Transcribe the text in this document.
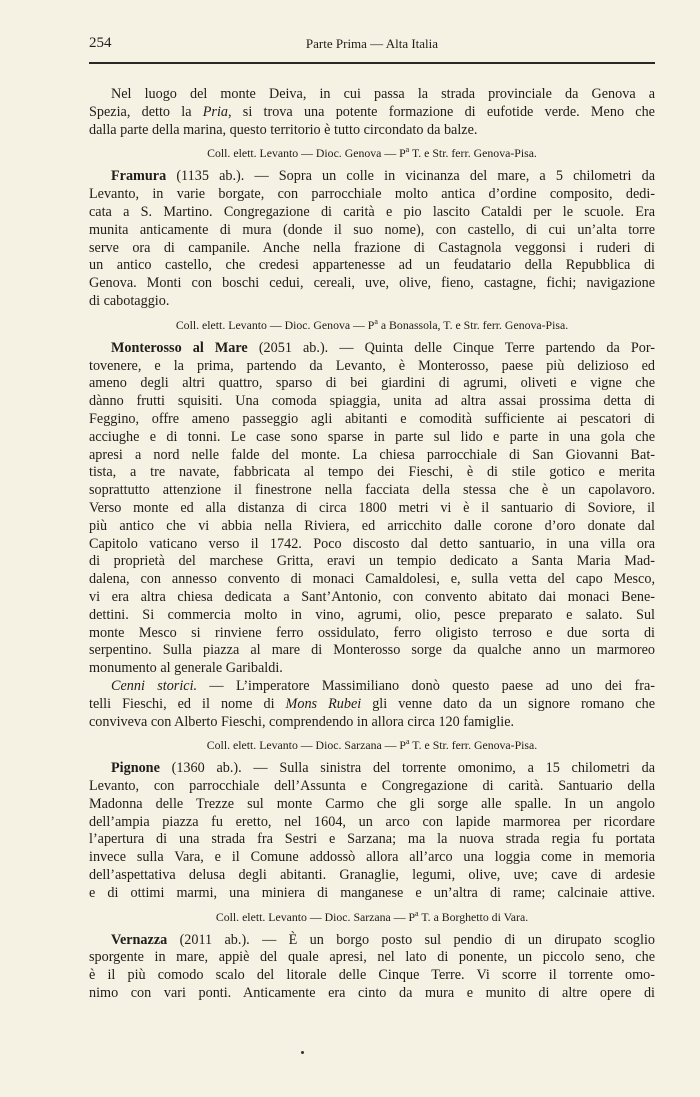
254	Parte Prima — Alta Italia
Nel luogo del monte Deiva, in cui passa la strada provinciale da Genova a
Spezia, detto la Pria, si trova una potente formazione di eufotide verde. Meno che
dalla parte della marina, questo territorio è tutto circondato da balze.
Coll. elett. Levanto — Dioc. Genova — $P^a$ T. e Str. ferr. Genova-Pisa.
Framura (1135 ab.). — Sopra un colle in vicinanza del mare, a 5 chilometri da
Levanto, in varie borgate, con parrocchiale molto antica d’ordine composito, dedi-
cata a S. Martino. Congregazione di carità e pio lascito Cataldi per le scuole. Era
munita anticamente di mura (donde il suo nome), con castello, di cui un’alta torre
serve ora di campanile. Anche nella frazione di Castagnola veggonsi i ruderi di
un antico castello, che credesi appartenesse ad un feudatario della Repubblica di
Genova. Monti con boschi cedui, cereali, uve, olive, fieno, castagne, fichi; navigazione
di cabotaggio.
Coll. elett. Levanto — Dioc. Genova — $P^a$ a Bonassola, T. e Str. ferr. Genova-Pisa.
Monterosso al Mare (2051 ab.). — Quinta delle Cinque Terre partendo da Por-
tovenere, e la prima, partendo da Levanto, è Monterosso, paese più delizioso ed
ameno degli altri quattro, sparso di bei giardini di agrumi, oliveti e vigne che
dànno frutti squisiti. Una comoda spiaggia, unita ad altra assai prossima detta di
Feggino, offre ameno passeggio agli abitanti e comodità sufficiente ai pescatori di
acciughe e di tonni. Le case sono sparse in parte sul lido e parte in una gola che
apresi a nord nelle falde del monte. La chiesa parrocchiale di San Giovanni Bat-
tista, a tre navate, fabbricata al tempo dei Fieschi, è di stile gotico e merita
soprattutto attenzione il finestrone nella facciata della stessa che è un capolavoro.
Verso monte ed alla distanza di circa 1800 metri vi è il santuario di Soviore, il
più antico che vi abbia nella Riviera, ed arricchito dalle corone d’oro donate dal
Capitolo vaticano verso il 1742. Poco discosto dal detto santuario, in una villa ora
di proprietà del marchese Gritta, eravi un tempio dedicato a Santa Maria Mad-
dalena, con annesso convento di monaci Camaldolesi, e, sulla vetta del capo Mesco,
vi era altra chiesa dedicata a Sant’Antonio, con convento abitato dai monaci Bene-
dettini. Si commercia molto in vino, agrumi, olio, pesce preparato e salato. Sul
monte Mesco si rinviene ferro ossidulato, ferro oligisto terroso e due sorta di
serpentino. Sulla piazza al mare di Monterosso sorge da qualche anno un marmoreo
monumento al generale Garibaldi.
Cenni storici. — L’imperatore Massimiliano donò questo paese ad uno dei fra-
telli Fieschi, ed il nome di Mons Rubei gli venne dato da un signore romano che
conviveva con Alberto Fieschi, comprendendo in allora circa 120 famiglie.
Coll. elett. Levanto — Dioc. Sarzana — $P^a$ T. e Str. ferr. Genova-Pisa.
Pignone (1360 ab.). — Sulla sinistra del torrente omonimo, a 15 chilometri da
Levanto, con parrocchiale dell’Assunta e Congregazione di carità. Santuario della
Madonna delle Trezze sul monte Carmo che gli sorge alle spalle. In un angolo
dell’ampia piazza fu eretto, nel 1604, un arco con lapide marmorea per ricordare
l’apertura di una strada fra Sestri e Sarzana; ma la nuova strada regia fu portata
invece sulla Vara, e il Comune addossò allora all’arco una loggia come in memoria
dell’aspettativa delusa degli abitanti. Granaglie, legumi, olive, uve; cave di ardesie
e di ottimi marmi, una miniera di manganese e un’altra di rame; calcinaie attive.
Coll. elett. Levanto — Dioc. Sarzana — $P^a$ T. a Borghetto di Vara.
Vernazza (2011 ab.). — È un borgo posto sul pendio di un dirupato scoglio
sporgente in mare, appiè del quale apresi, nel lato di ponente, un piccolo seno, che
è il più comodo scalo del litorale delle Cinque Terre. Vi scorre il torrente omo-
nimo con vari ponti. Anticamente era cinto da mura e munito di altre opere di
